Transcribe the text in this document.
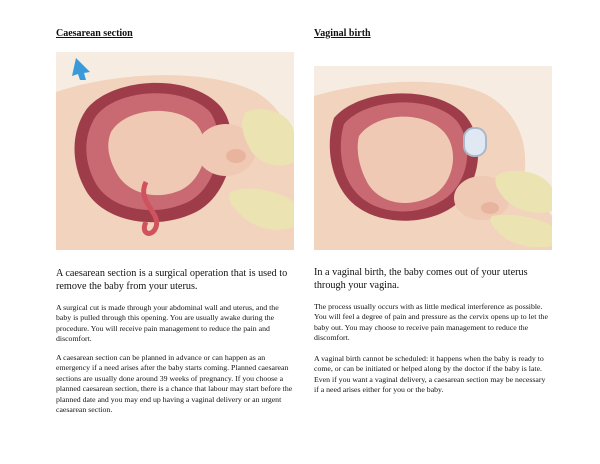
Caesarean section
A caesarean section is a surgical operation that is used to remove the baby from your uterus.
A surgical cut is made through your abdominal wall and uterus, and the baby is pulled through this opening. You are usually awake during the procedure. You will receive pain management to reduce the pain and discomfort.
A caesarean section can be planned in advance or can happen as an emergency if a need arises after the baby starts coming. Planned caesarean sections are usually done around 39 weeks of pregnancy. If you choose a planned caesarean section, there is a chance that labour may start before the planned date and you may end up having a vaginal delivery or an urgent caesarean section.
Vaginal birth
In a vaginal birth, the baby comes out of your uterus through your vagina.
The process usually occurs with as little medical interference as possible. You will feel a degree of pain and pressure as the cervix opens up to let the baby out. You may choose to receive pain management to reduce the discomfort.
A vaginal birth cannot be scheduled: it happens when the baby is ready to come, or can be initiated or helped along by the doctor if the baby is late. Even if you want a vaginal delivery, a caesarean section may be necessary if a need arises either for you or the baby.
